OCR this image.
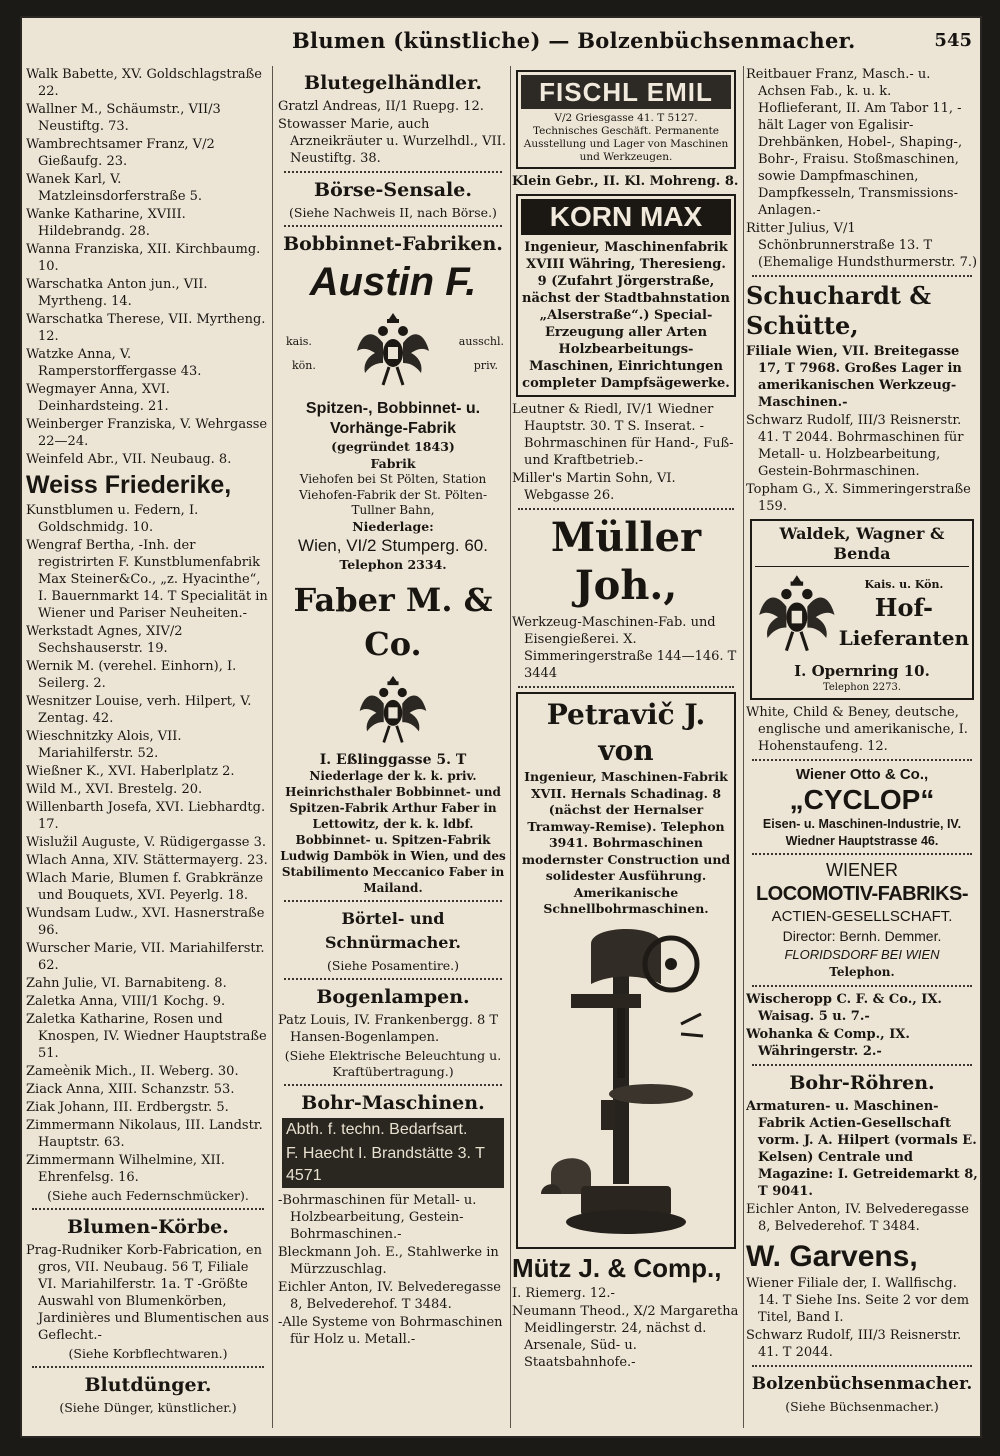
Blumen (künstliche) — Bolzenbüchsenmacher.	545
Walk Babette, XV. Goldschlagstraße 22.
Wallner M., Schäumstr., VII/3 Neustiftg. 73.
Wambrechtsamer Franz, V/2 Gießaufg. 23.
Wanek Karl, V. Matzleinsdorferstraße 5.
Wanke Katharine, XVIII. Hildebrandg. 28.
Wanna Franziska, XII. Kirchbaumg. 10.
Warschatka Anton jun., VII. Myrtheng. 14.
Warschatka Therese, VII. Myrtheng. 12.
Watzke Anna, V. Ramperstorffergasse 43.
Wegmayer Anna, XVI. Deinhardsteing. 21.
Weinberger Franziska, V. Wehrgasse 22—24.
Weinfeld Abr., VII. Neubaug. 8.
Weiss Friederike,
Kunstblumen u. Federn, I. Goldschmidg. 10.
Wengraf Bertha, -Inh. der registrirten F. Kunstblumenfabrik Max Steiner&Co., „z. Hyacinthe“, I. Bauernmarkt 14. T Specialität in Wiener und Pariser Neuheiten.-
Werkstadt Agnes, XIV/2 Sechshauserstr. 19.
Wernik M. (verehel. Einhorn), I. Seilerg. 2.
Wesnitzer Louise, verh. Hilpert, V. Zentag. 42.
Wieschnitzky Alois, VII. Mariahilferstr. 52.
Wießner K., XVI. Haberlplatz 2.
Wild M., XVI. Brestelg. 20.
Willenbarth Josefa, XVI. Liebhardtg. 17.
Wislužil Auguste, V. Rüdigergasse 3.
Wlach Anna, XIV. Stättermayerg. 23.
Wlach Marie, Blumen f. Grabkränze und Bouquets, XVI. Peyerlg. 18.
Wundsam Ludw., XVI. Hasnerstraße 96.
Wurscher Marie, VII. Mariahilferstr. 62.
Zahn Julie, VI. Barnabiteng. 8.
Zaletka Anna, VIII/1 Kochg. 9.
Zaletka Katharine, Rosen und Knospen, IV. Wiedner Hauptstraße 51.
Zameènik Mich., II. Weberg. 30.
Ziack Anna, XIII. Schanzstr. 53.
Ziak Johann, III. Erdbergstr. 5.
Zimmermann Nikolaus, III. Landstr. Hauptstr. 63.
Zimmermann Wilhelmine, XII. Ehrenfelsg. 16.
(Siehe auch Federnschmücker).
Blumen-Körbe.
Prag-Rudniker Korb-Fabrication, en gros, VII. Neubaug. 56 T, Filiale VI. Mariahilferstr. 1a. T -Größte Auswahl von Blumenkörben, Jardinières und Blumentischen aus Geflecht.-
(Siehe Korbflechtwaren.)
Blutdünger.
(Siehe Dünger, künstlicher.)
Blutegelhändler.
Gratzl Andreas, II/1 Ruepg. 12.
Stowasser Marie, auch Arzneikräuter u. Wurzelhdl., VII. Neustiftg. 38.
Börse-Sensale.
(Siehe Nachweis II, nach Börse.)
Bobbinnet-Fabriken.
Austin F.
kais.
kön.
ausschl.
priv.
Spitzen-, Bobbinnet- u. Vorhänge-Fabrik
(gegründet 1843)
Fabrik
Viehofen bei St Pölten, Station Viehofen-Fabrik der St. Pölten-Tullner Bahn,
Niederlage:
Wien, VI/2 Stumperg. 60.
Telephon 2334.
Faber M. & Co.
I. Eßlinggasse 5. T
Niederlage der k. k. priv. Heinrichsthaler Bobbinnet- und Spitzen-Fabrik Arthur Faber in Lettowitz, der k. k. ldbf. Bobbinnet- u. Spitzen-Fabrik Ludwig Dambök in Wien, und des Stabilimento Meccanico Faber in Mailand.
Börtel- und Schnürmacher.
(Siehe Posamentire.)
Bogenlampen.
Patz Louis, IV. Frankenbergg. 8 T Hansen-Bogenlampen.
(Siehe Elektrische Beleuchtung u. Kraftübertragung.)
Bohr-Maschinen.
Abth. f. techn. Bedarfsart.
F. Haecht I. Brandstätte 3. T 4571
-Bohrmaschinen für Metall- u. Holzbearbeitung, Gestein-Bohrmaschinen.-
Bleckmann Joh. E., Stahlwerke in Mürzzuschlag.
Eichler Anton, IV. Belvederegasse 8, Belvederehof. T 3484.
-Alle Systeme von Bohrmaschinen für Holz u. Metall.-
FISCHL EMIL
V/2 Griesgasse 41. T 5127. Technisches Geschäft. Permanente Ausstellung und Lager von Maschinen und Werkzeugen.
Klein Gebr., II. Kl. Mohreng. 8.
KORN MAX
Ingenieur, Maschinenfabrik XVIII Währing, Theresieng. 9 (Zufahrt Jörgerstraße, nächst der Stadtbahnstation „Alserstraße“.) Special-Erzeugung aller Arten Holzbearbeitungs-Maschinen, Einrichtungen completer Dampfsägewerke.
Leutner & Riedl, IV/1 Wiedner Hauptstr. 30. T S. Inserat. -Bohrmaschinen für Hand-, Fuß- und Kraftbetrieb.-
Miller's Martin Sohn, VI. Webgasse 26.
Müller Joh.,
Werkzeug-Maschinen-Fab. und Eisengießerei. X. Simmeringerstraße 144—146. T 3444
Petravič J. von
Ingenieur, Maschinen-Fabrik XVII. Hernals Schadinag. 8 (nächst der Hernalser Tramway-Remise). Telephon 3941. Bohrmaschinen modernster Construction und solidester Ausführung. Amerikanische Schnellbohrmaschinen.
Mütz J. & Comp.,
I. Riemerg. 12.-
Neumann Theod., X/2 Margaretha Meidlingerstr. 24, nächst d. Arsenale, Süd- u. Staatsbahnhofe.-
Reitbauer Franz, Masch.- u. Achsen Fab., k. u. k. Hoflieferant, II. Am Tabor 11, -hält Lager von Egalisir-Drehbänken, Hobel-, Shaping-, Bohr-, Fraisu. Stoßmaschinen, sowie Dampfmaschinen, Dampfkesseln, Transmissions-Anlagen.-
Ritter Julius, V/1 Schönbrunnerstraße 13. T (Ehemalige Hundsthurmerstr. 7.)
Schuchardt & Schütte,
Filiale Wien, VII. Breitegasse 17, T 7968. Großes Lager in amerikanischen Werkzeug-Maschinen.-
Schwarz Rudolf, III/3 Reisnerstr. 41. T 2044. Bohrmaschinen für Metall- u. Holzbearbeitung, Gestein-Bohrmaschinen.
Topham G., X. Simmeringerstraße 159.
Waldek, Wagner & Benda
Kais. u. Kön.
Hof-
Lieferanten
I. Opernring 10.
Telephon 2273.
White, Child & Beney, deutsche, englische und amerikanische, I. Hohenstaufeng. 12.
Wiener Otto & Co.,
„CYCLOP“
Eisen- u. Maschinen-Industrie, IV. Wiedner Hauptstrasse 46.
WIENER
LOCOMOTIV-FABRIKS-
ACTIEN-GESELLSCHAFT.
Director: Bernh. Demmer.
FLORIDSDORF BEI WIEN
Telephon.
Wischeropp C. F. & Co., IX. Waisag. 5 u. 7.-
Wohanka & Comp., IX. Währingerstr. 2.-
Bohr-Röhren.
Armaturen- u. Maschinen-Fabrik Actien-Gesellschaft vorm. J. A. Hilpert (vormals E. Kelsen) Centrale und Magazine: I. Getreidemarkt 8, T 9041.
Eichler Anton, IV. Belvederegasse 8, Belvederehof. T 3484.
W. Garvens,
Wiener Filiale der, I. Wallfischg. 14. T Siehe Ins. Seite 2 vor dem Titel, Band I.
Schwarz Rudolf, III/3 Reisnerstr. 41. T 2044.
Bolzenbüchsenmacher.
(Siehe Büchsenmacher.)
